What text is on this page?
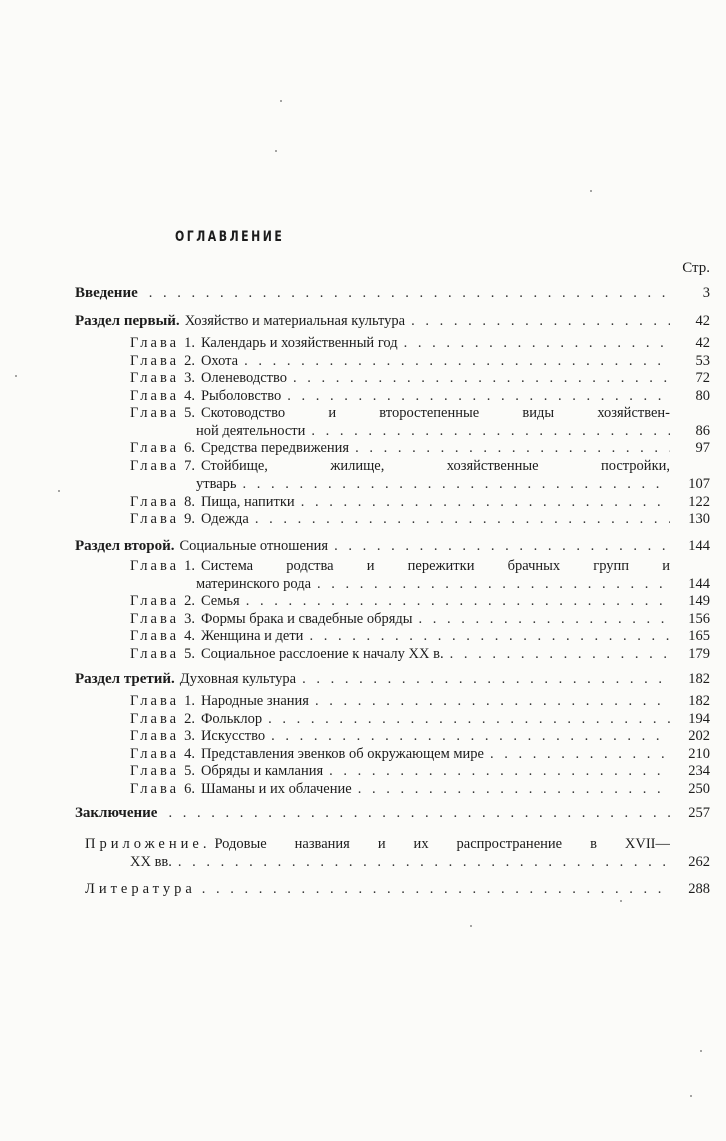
ОГЛАВЛЕНИЕ
Стр.
Введение . . .	3
Раздел первый. Хозяйство и материальная культура . . .	42
Глава 1. Календарь и хозяйственный год . . .	42
Глава 2. Охота . . .	53
Глава 3. Оленеводство . . .	72
Глава 4. Рыболовство . . .	80
Глава 5. Скотоводство и второстепенные виды хозяйствен-
ной деятельности . . .	86
Глава 6. Средства передвижения . . .	97
Глава 7. Стойбище, жилище, хозяйственные постройки,
утварь . . .	107
Глава 8. Пища, напитки . . .	122
Глава 9. Одежда . . .	130
Раздел второй. Социальные отношения . . .	144
Глава 1. Система родства и пережитки брачных групп и
материнского рода . . .	144
Глава 2. Семья . . .	149
Глава 3. Формы брака и свадебные обряды . . .	156
Глава 4. Женщина и дети . . .	165
Глава 5. Социальное расслоение к началу XX в. . . .	179
Раздел третий. Духовная культура . . .	182
Глава 1. Народные знания . . .	182
Глава 2. Фольклор . . .	194
Глава 3. Искусство . . .	202
Глава 4. Представления эвенков об окружающем мире . . .	210
Глава 5. Обряды и камлания . . .	234
Глава 6. Шаманы и их облачение . . .	250
Заключение . . .	257
Приложение. Родовые названия и их распространение в XVII—
XX вв. . . .	262
Литература . . .	288
